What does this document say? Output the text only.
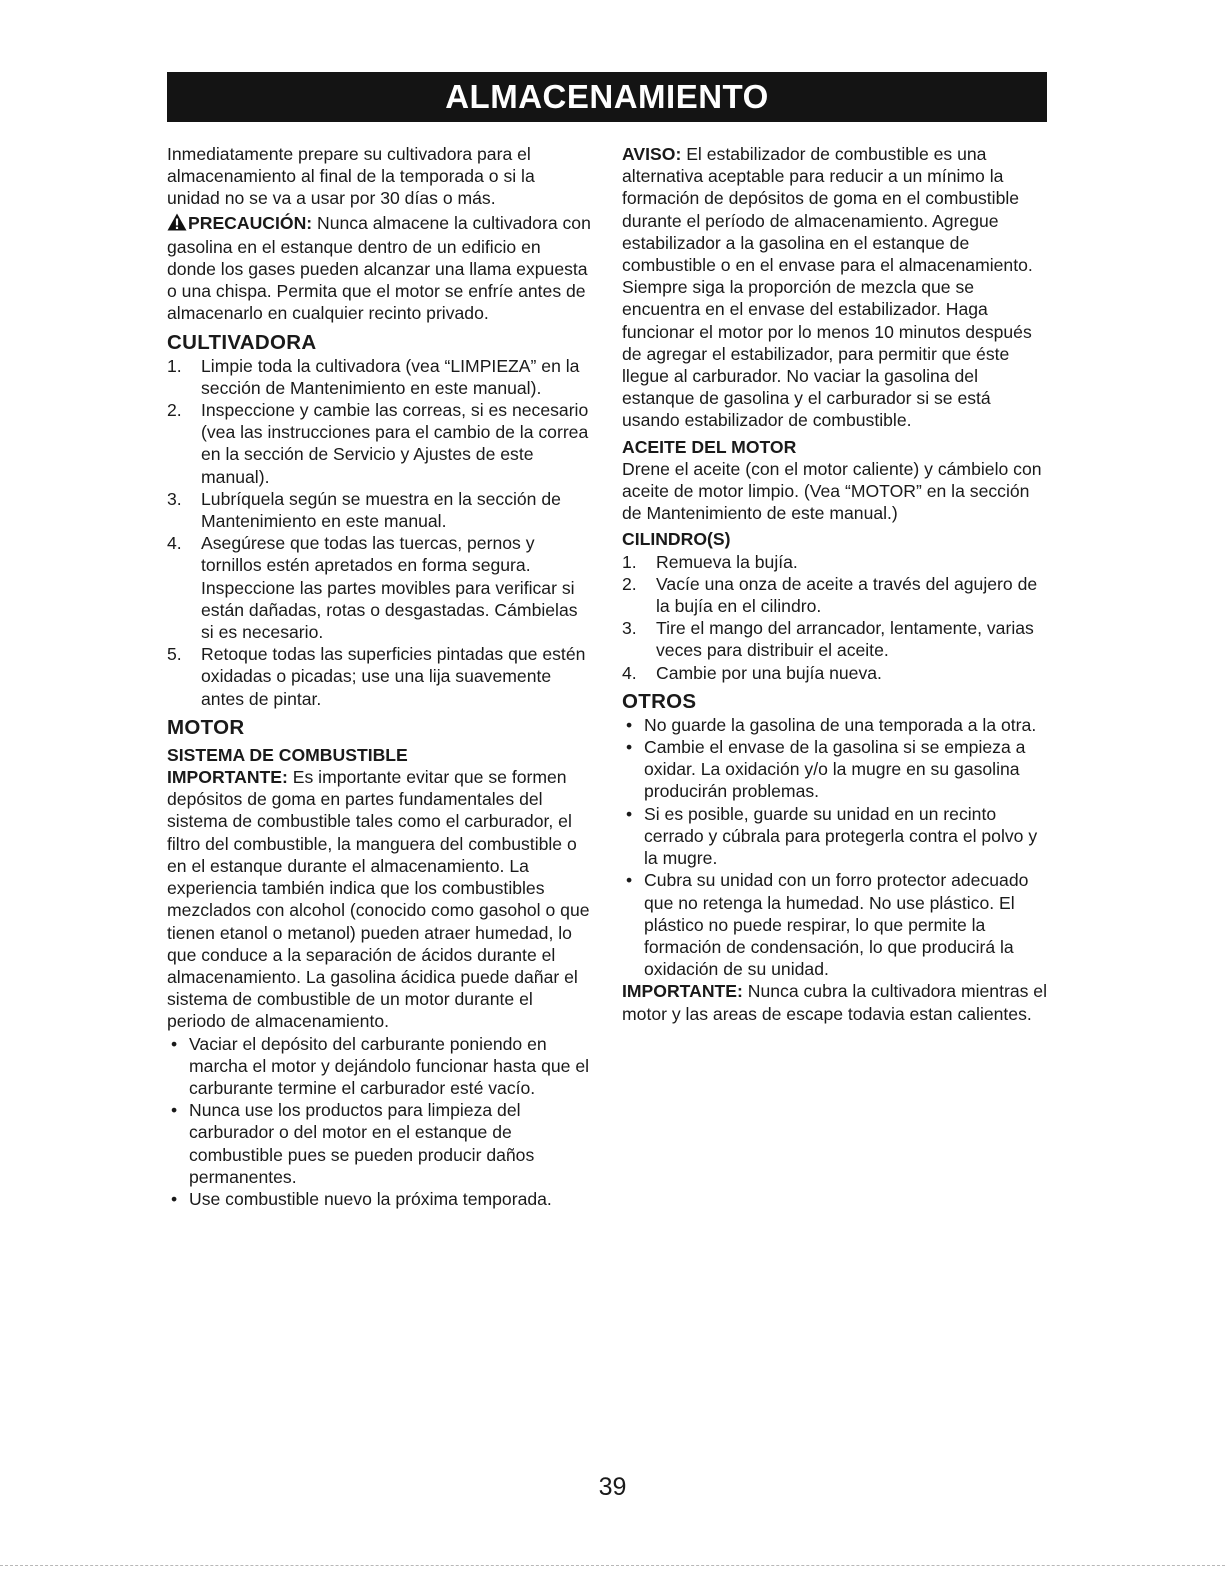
ALMACENAMIENTO

Inmediatamente prepare su cultivadora para el almacenamiento al final de la temporada o si la unidad no se va a usar por 30 días o más.

PRECAUCIÓN: Nunca almacene la cultivadora con gasolina en el estanque dentro de un edificio en donde los gases pueden alcanzar una llama expuesta o una chispa. Permita que el motor se enfríe antes de almacenarlo en cualquier recinto privado.

CULTIVADORA
1. Limpie toda la cultivadora (vea “LIMPIEZA” en la sección de Mantenimiento en este manual).
2. Inspeccione y cambie las correas, si es necesario (vea las instrucciones para el cambio de la correa en la sección de Servicio y Ajustes de este manual).
3. Lubríquela según se muestra en la sección de Mantenimiento en este manual.
4. Asegúrese que todas las tuercas, pernos y tornillos estén apretados en forma segura. Inspeccione las partes movibles para verificar si están dañadas, rotas o desgastadas. Cámbielas si es necesario.
5. Retoque todas las superficies pintadas que estén oxidadas o picadas; use una lija suavemente antes de pintar.
MOTOR
SISTEMA DE COMBUSTIBLE

IMPORTANTE: Es importante evitar que se formen depósitos de goma en partes fundamentales del sistema de combustible tales como el carburador, el filtro del combustible, la manguera del combustible o en el estanque durante el almacenamiento. La experiencia también indica que los combustibles mezclados con alcohol (conocido como gasohol o que tienen etanol o metanol) pueden atraer humedad, lo que conduce a la separación de ácidos durante el almacenamiento. La gasolina ácidica puede dañar el sistema de combustible de un motor durante el periodo de almacenamiento.

• Vaciar el depósito del carburante poniendo en marcha el motor y dejándolo funcionar hasta que el carburante termine el carburador esté vacío.
• Nunca use los productos para limpieza del carburador o del motor en el estanque de combustible pues se pueden producir daños permanentes.
• Use combustible nuevo la próxima temporada.

AVISO: El estabilizador de combustible es una alternativa aceptable para reducir a un mínimo la formación de depósitos de goma en el combustible durante el período de almacenamiento. Agregue estabilizador a la gasolina en el estanque de combustible o en el envase para el almacenamiento. Siempre siga la proporción de mezcla que se encuentra en el envase del estabilizador. Haga funcionar el motor por lo menos 10 minutos después de agregar el estabilizador, para permitir que éste llegue al carburador. No vaciar la gasolina del estanque de gasolina y el carburador si se está usando estabilizador de combustible.

ACEITE DEL MOTOR

Drene el aceite (con el motor caliente) y cámbielo con aceite de motor limpio. (Vea “MOTOR” en la sección de Mantenimiento de este manual.)

CILINDRO(S)
1. Remueva la bujía.
2. Vacíe una onza de aceite a través del agujero de la bujía en el cilindro.
3. Tire el mango del arrancador, lentamente, varias veces para distribuir el aceite.
4. Cambie por una bujía nueva.
OTROS
• No guarde la gasolina de una temporada a la otra.
• Cambie el envase de la gasolina si se empieza a oxidar. La oxidación y/o la mugre en su gasolina producirán problemas.
• Si es posible, guarde su unidad en un recinto cerrado y cúbrala para protegerla contra el polvo y la mugre.
• Cubra su unidad con un forro protector adecuado que no retenga la humedad. No use plástico. El plástico no puede respirar, lo que permite la formación de condensación, lo que producirá la oxidación de su unidad.

IMPORTANTE: Nunca cubra la cultivadora mientras el motor y las areas de escape todavia estan calientes.

39
